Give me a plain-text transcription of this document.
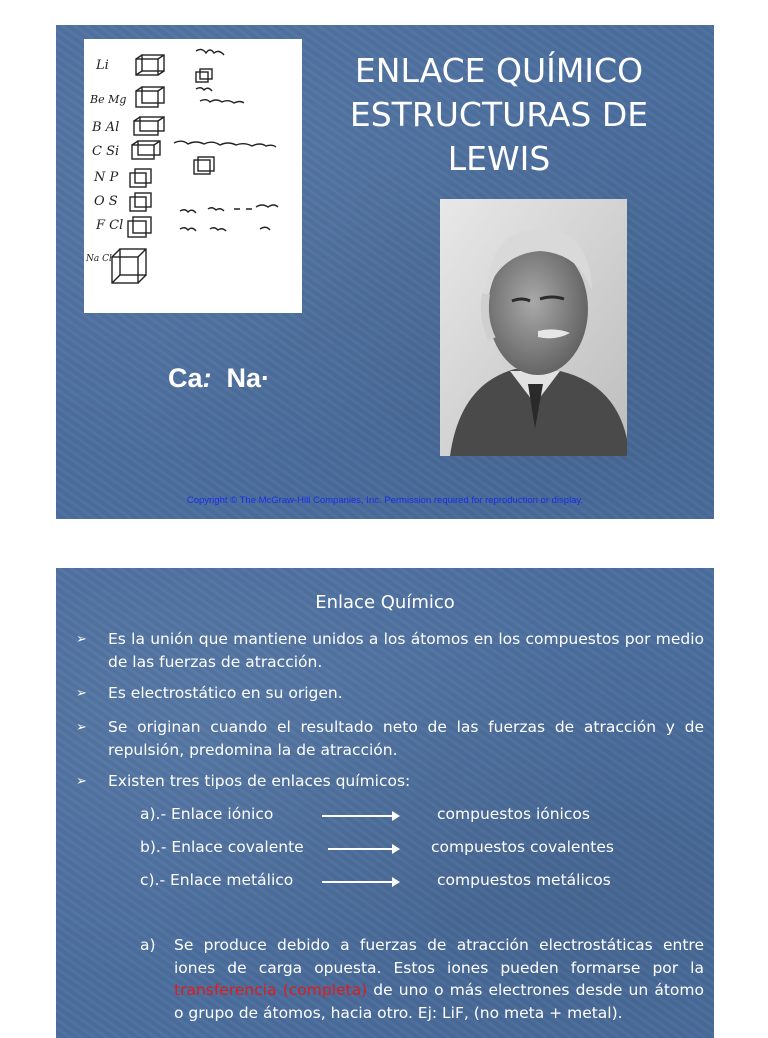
Li
Be Mg
B Al
C Si
N P
O S
F Cl
Na Cl
ENLACE QUÍMICO
ESTRUCTURAS DE
LEWIS
Ca: Na·
Copyright © The McGraw-Hill Companies, Inc. Permission required for reproduction or display.
Enlace Químico
➢ Es la unión que mantiene unidos a los átomos en los compuestos por medio de las fuerzas de atracción.
➢ Es electrostático en su origen.
➢ Se originan cuando el resultado neto de las fuerzas de atracción y de repulsión, predomina la de atracción.
➢ Existen tres tipos de enlaces químicos:
a).- Enlace iónico	compuestos iónicos
b).- Enlace covalente	compuestos covalentes
c).- Enlace metálico	compuestos metálicos
a) Se produce debido a fuerzas de atracción electrostáticas entre iones de carga opuesta. Estos iones pueden formarse por la transferencia (completa) de uno o más electrones desde un átomo o grupo de átomos, hacia otro. Ej: LiF, (no meta + metal).
